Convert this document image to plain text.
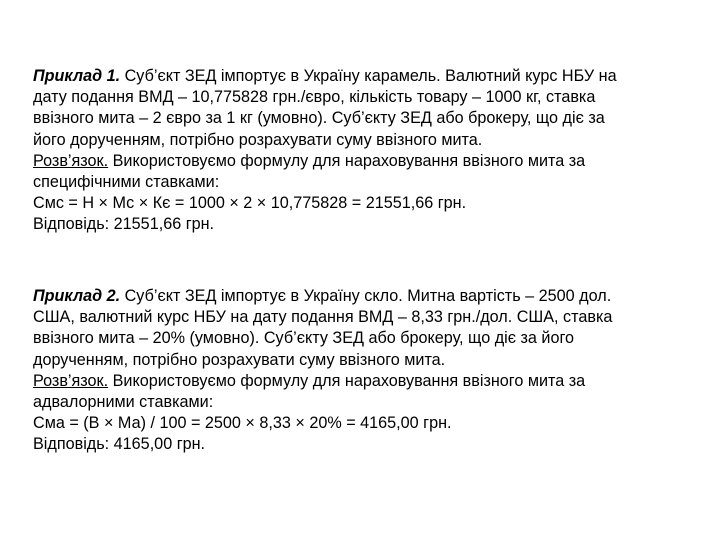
Приклад 1. Суб’єкт ЗЕД імпортує в Україну карамель. Валютний курс НБУ на
дату подання ВМД – 10,775828 грн./євро, кількість товару – 1000 кг, ставка
ввізного мита – 2 євро за 1 кг (умовно). Суб’єкту ЗЕД або брокеру, що діє за
його дорученням, потрібно розрахувати суму ввізного мита.
Розв’язок. Використовуємо формулу для нараховування ввізного мита за
специфічними ставками:
Смс = Н × Мс × Кє = 1000 × 2 × 10,775828 = 21551,66 грн.
Відповідь: 21551,66 грн.
Приклад 2. Суб’єкт ЗЕД імпортує в Україну скло. Митна вартість – 2500 дол.
США, валютний курс НБУ на дату подання ВМД – 8,33 грн./дол. США, ставка
ввізного мита – 20% (умовно). Суб’єкту ЗЕД або брокеру, що діє за його
дорученням, потрібно розрахувати суму ввізного мита.
Розв’язок. Використовуємо формулу для нараховування ввізного мита за
адвалорними ставками:
Сма = (В × Ма) / 100 = 2500 × 8,33 × 20% = 4165,00 грн.
Відповідь: 4165,00 грн.
